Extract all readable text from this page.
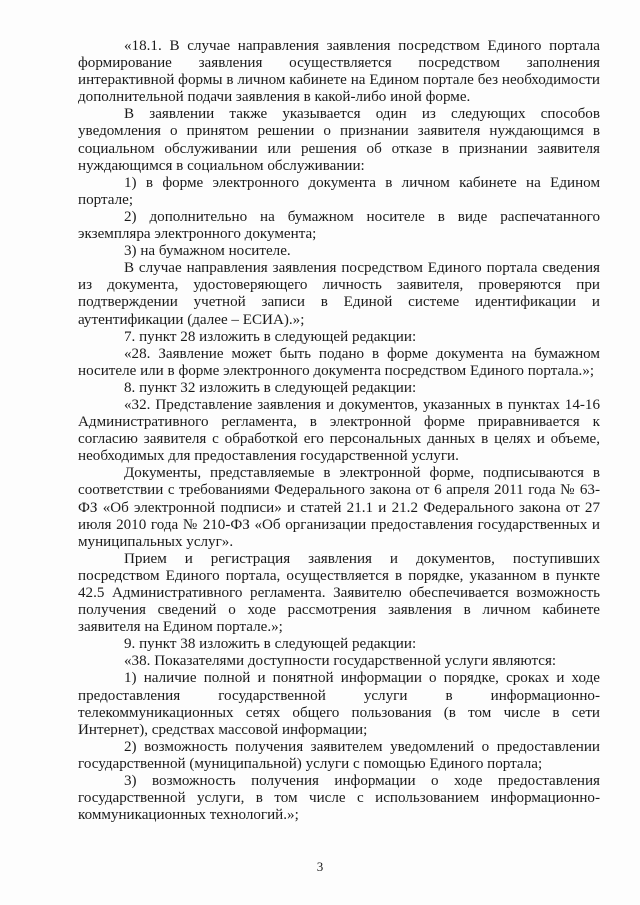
«18.1. В случае направления заявления посредством Единого портала формирование заявления осуществляется посредством заполнения интерактивной формы в личном кабинете на Едином портале без необходимости дополнительной подачи заявления в какой-либо иной форме.

В заявлении также указывается один из следующих способов уведомления о принятом решении о признании заявителя нуждающимся в социальном обслуживании или решения об отказе в признании заявителя нуждающимся в социальном обслуживании:

1) в форме электронного документа в личном кабинете на Едином портале;

2) дополнительно на бумажном носителе в виде распечатанного экземпляра электронного документа;

3) на бумажном носителе.

В случае направления заявления посредством Единого портала сведения из документа, удостоверяющего личность заявителя, проверяются при подтверждении учетной записи в Единой системе идентификации и аутентификации (далее – ЕСИА).»;

7. пункт 28 изложить в следующей редакции:

«28. Заявление может быть подано в форме документа на бумажном носителе или в форме электронного документа посредством Единого портала.»;

8. пункт 32 изложить в следующей редакции:

«32. Представление заявления и документов, указанных в пунктах 14-16 Административного регламента, в электронной форме приравнивается к согласию заявителя с обработкой его персональных данных в целях и объеме, необходимых для предоставления государственной услуги.

Документы, представляемые в электронной форме, подписываются в соответствии с требованиями Федерального закона от 6 апреля 2011 года № 63-ФЗ «Об электронной подписи» и статей 21.1 и 21.2 Федерального закона от 27 июля 2010 года № 210-ФЗ «Об организации предоставления государственных и муниципальных услуг».

Прием и регистрация заявления и документов, поступивших посредством Единого портала, осуществляется в порядке, указанном в пункте 42.5 Административного регламента. Заявителю обеспечивается возможность получения сведений о ходе рассмотрения заявления в личном кабинете заявителя на Едином портале.»;

9. пункт 38 изложить в следующей редакции:

«38. Показателями доступности государственной услуги являются:

1) наличие полной и понятной информации о порядке, сроках и ходе предоставления государственной услуги в информационно-телекоммуникационных сетях общего пользования (в том числе в сети Интернет), средствах массовой информации;

2) возможность получения заявителем уведомлений о предоставлении государственной (муниципальной) услуги с помощью Единого портала;

3) возможность получения информации о ходе предоставления государственной услуги, в том числе с использованием информационно-коммуникационных технологий.»;

3
